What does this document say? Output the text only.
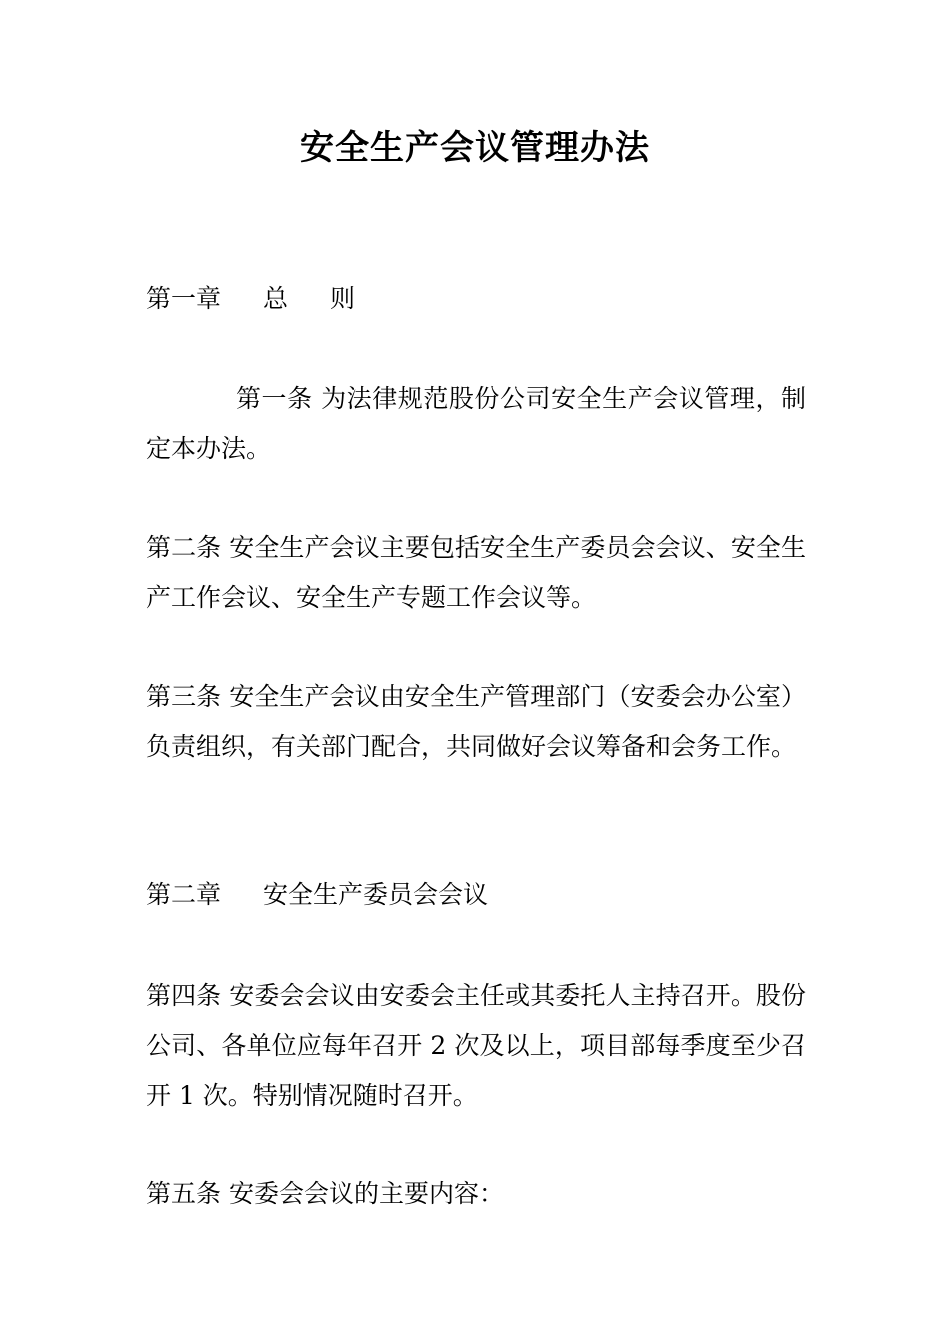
安全生产会议管理办法
第一章 总 则
第一条 为法律规范股份公司安全生产会议管理，制定本办法。
第二条 安全生产会议主要包括安全生产委员会会议、安全生产工作会议、安全生产专题工作会议等。
第三条 安全生产会议由安全生产管理部门（安委会办公室）负责组织，有关部门配合，共同做好会议筹备和会务工作。
第二章 安全生产委员会会议
第四条 安委会会议由安委会主任或其委托人主持召开。股份公司、各单位应每年召开 2 次及以上，项目部每季度至少召开 1 次。特别情况随时召开。
第五条 安委会会议的主要内容：
